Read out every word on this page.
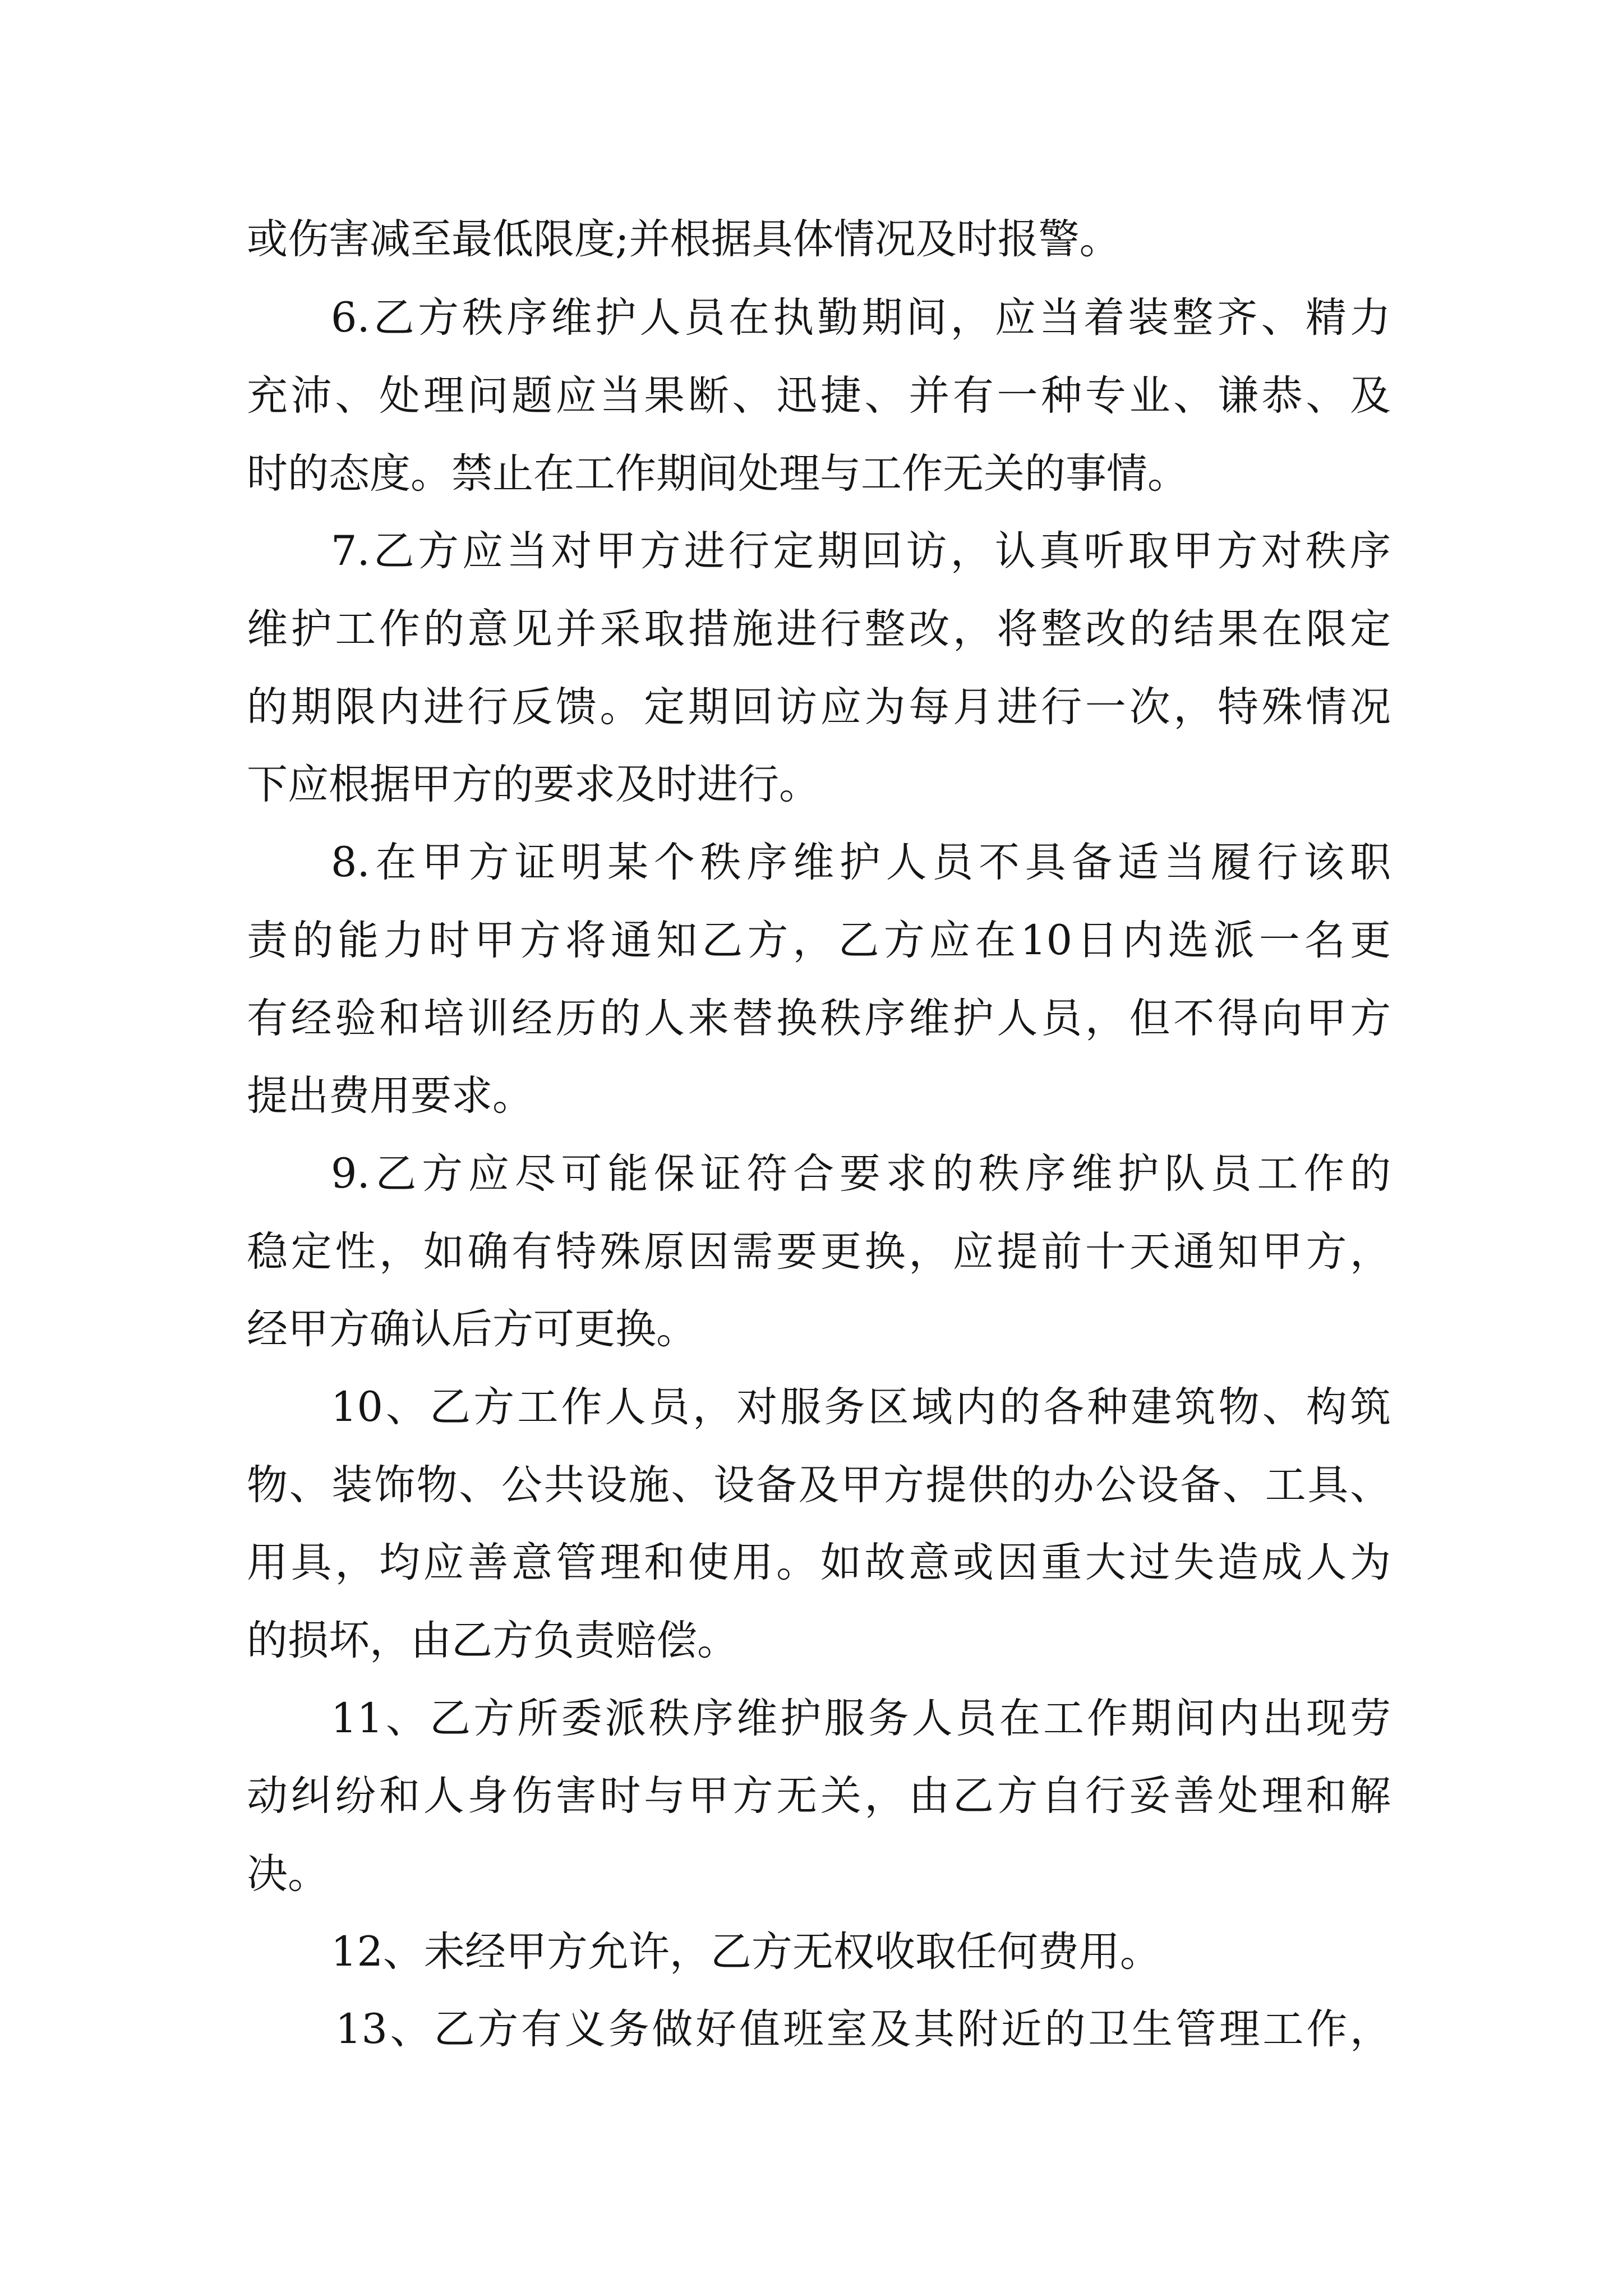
或伤害减至最低限度;并根据具体情况及时报警。
6.乙方秩序维护人员在执勤期间，应当着装整齐、精力
充沛、处理问题应当果断、迅捷、并有一种专业、谦恭、及
时的态度。禁止在工作期间处理与工作无关的事情。
7.乙方应当对甲方进行定期回访，认真听取甲方对秩序
维护工作的意见并采取措施进行整改，将整改的结果在限定
的期限内进行反馈。定期回访应为每月进行一次，特殊情况
下应根据甲方的要求及时进行。
8.在甲方证明某个秩序维护人员不具备适当履行该职
责的能力时甲方将通知乙方，乙方应在10日内选派一名更
有经验和培训经历的人来替换秩序维护人员，但不得向甲方
提出费用要求。
9.乙方应尽可能保证符合要求的秩序维护队员工作的
稳定性，如确有特殊原因需要更换，应提前十天通知甲方，
经甲方确认后方可更换。
10、乙方工作人员，对服务区域内的各种建筑物、构筑
物、装饰物、公共设施、设备及甲方提供的办公设备、工具、
用具，均应善意管理和使用。如故意或因重大过失造成人为
的损坏，由乙方负责赔偿。
11、乙方所委派秩序维护服务人员在工作期间内出现劳
动纠纷和人身伤害时与甲方无关，由乙方自行妥善处理和解
决。
12、未经甲方允许，乙方无权收取任何费用。
13、乙方有义务做好值班室及其附近的卫生管理工作，
